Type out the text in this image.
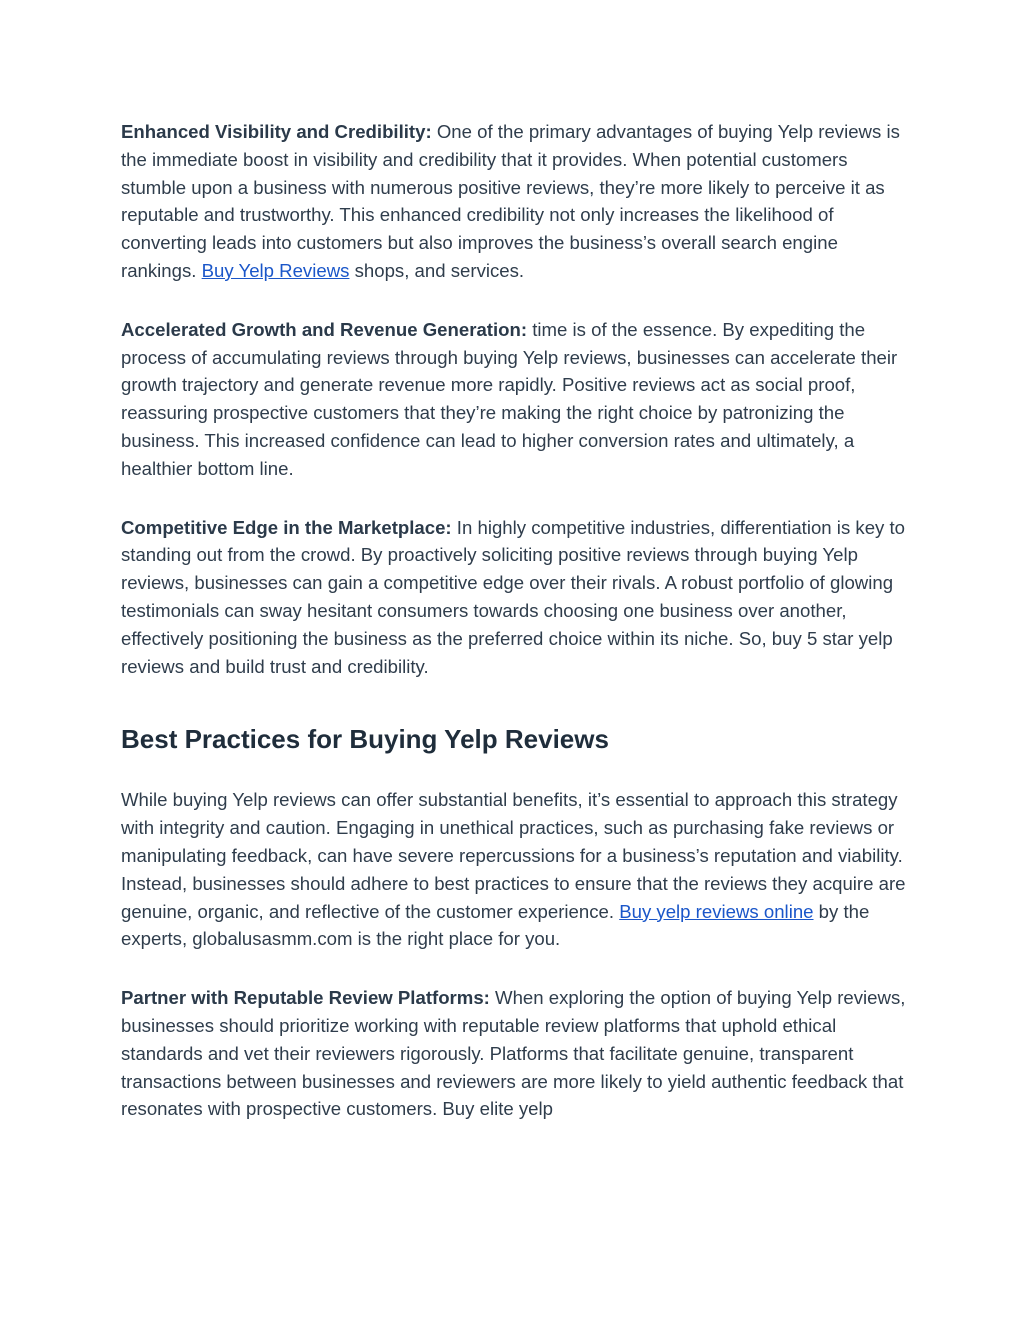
Enhanced Visibility and Credibility: One of the primary advantages of buying Yelp reviews is the immediate boost in visibility and credibility that it provides. When potential customers stumble upon a business with numerous positive reviews, they’re more likely to perceive it as reputable and trustworthy. This enhanced credibility not only increases the likelihood of converting leads into customers but also improves the business’s overall search engine rankings. Buy Yelp Reviews shops, and services.

Accelerated Growth and Revenue Generation: time is of the essence. By expediting the process of accumulating reviews through buying Yelp reviews, businesses can accelerate their growth trajectory and generate revenue more rapidly. Positive reviews act as social proof, reassuring prospective customers that they’re making the right choice by patronizing the business. This increased confidence can lead to higher conversion rates and ultimately, a healthier bottom line.

Competitive Edge in the Marketplace: In highly competitive industries, differentiation is key to standing out from the crowd. By proactively soliciting positive reviews through buying Yelp reviews, businesses can gain a competitive edge over their rivals. A robust portfolio of glowing testimonials can sway hesitant consumers towards choosing one business over another, effectively positioning the business as the preferred choice within its niche. So, buy 5 star yelp reviews and build trust and credibility.

Best Practices for Buying Yelp Reviews

While buying Yelp reviews can offer substantial benefits, it’s essential to approach this strategy with integrity and caution. Engaging in unethical practices, such as purchasing fake reviews or manipulating feedback, can have severe repercussions for a business’s reputation and viability. Instead, businesses should adhere to best practices to ensure that the reviews they acquire are genuine, organic, and reflective of the customer experience. Buy yelp reviews online by the experts, globalusasmm.com is the right place for you.

Partner with Reputable Review Platforms: When exploring the option of buying Yelp reviews, businesses should prioritize working with reputable review platforms that uphold ethical standards and vet their reviewers rigorously. Platforms that facilitate genuine, transparent transactions between businesses and reviewers are more likely to yield authentic feedback that resonates with prospective customers. Buy elite yelp
